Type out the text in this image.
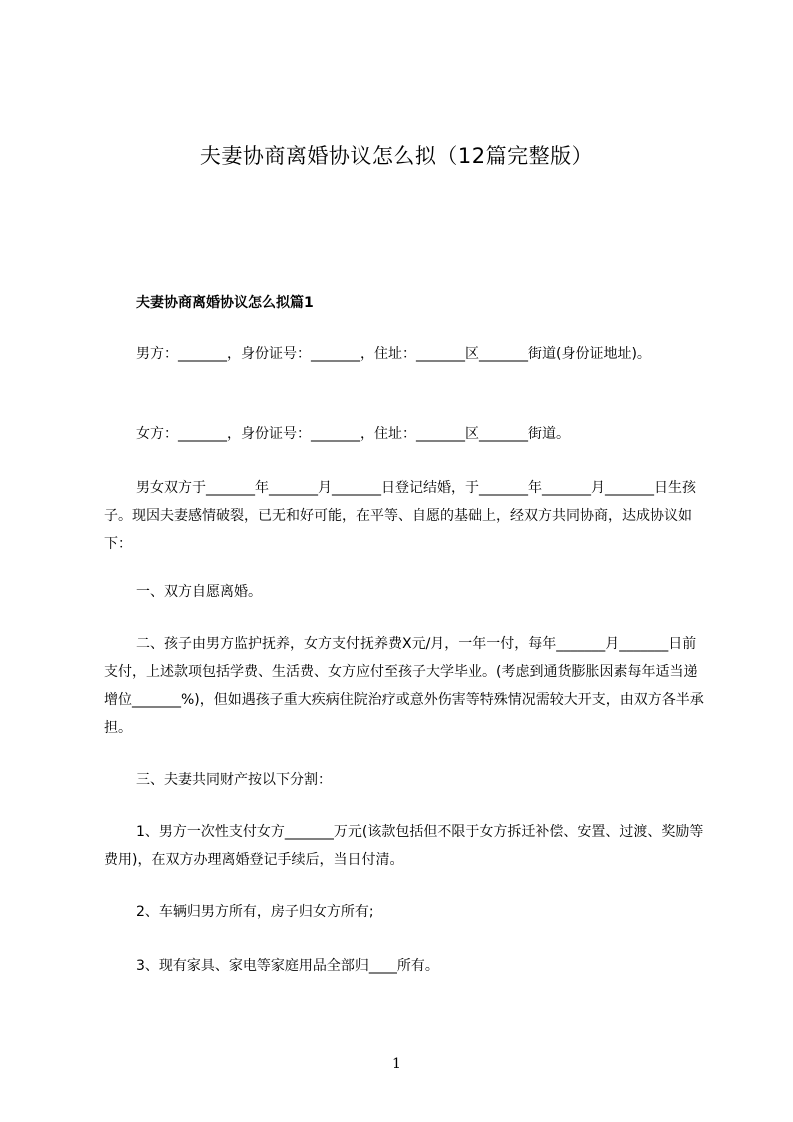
夫妻协商离婚协议怎么拟（12篇完整版）
夫妻协商离婚协议怎么拟篇1
男方：_______，身份证号：_______，住址：_______区_______街道(身份证地址)。
女方：_______，身份证号：_______，住址：_______区_______街道。
男女双方于_______年_______月_______日登记结婚，于_______年_______月_______日生孩子。现因夫妻感情破裂，已无和好可能，在平等、自愿的基础上，经双方共同协商，达成协议如下：
一、双方自愿离婚。
二、孩子由男方监护抚养，女方支付抚养费X元/月，一年一付，每年_______月_______日前支付，上述款项包括学费、生活费、女方应付至孩子大学毕业。(考虑到通货膨胀因素每年适当递增位_______%)，但如遇孩子重大疾病住院治疗或意外伤害等特殊情况需较大开支，由双方各半承担。
三、夫妻共同财产按以下分割：
1、男方一次性支付女方_______万元(该款包括但不限于女方拆迁补偿、安置、过渡、奖励等费用)，在双方办理离婚登记手续后，当日付清。
2、车辆归男方所有，房子归女方所有;
3、现有家具、家电等家庭用品全部归____所有。
1
